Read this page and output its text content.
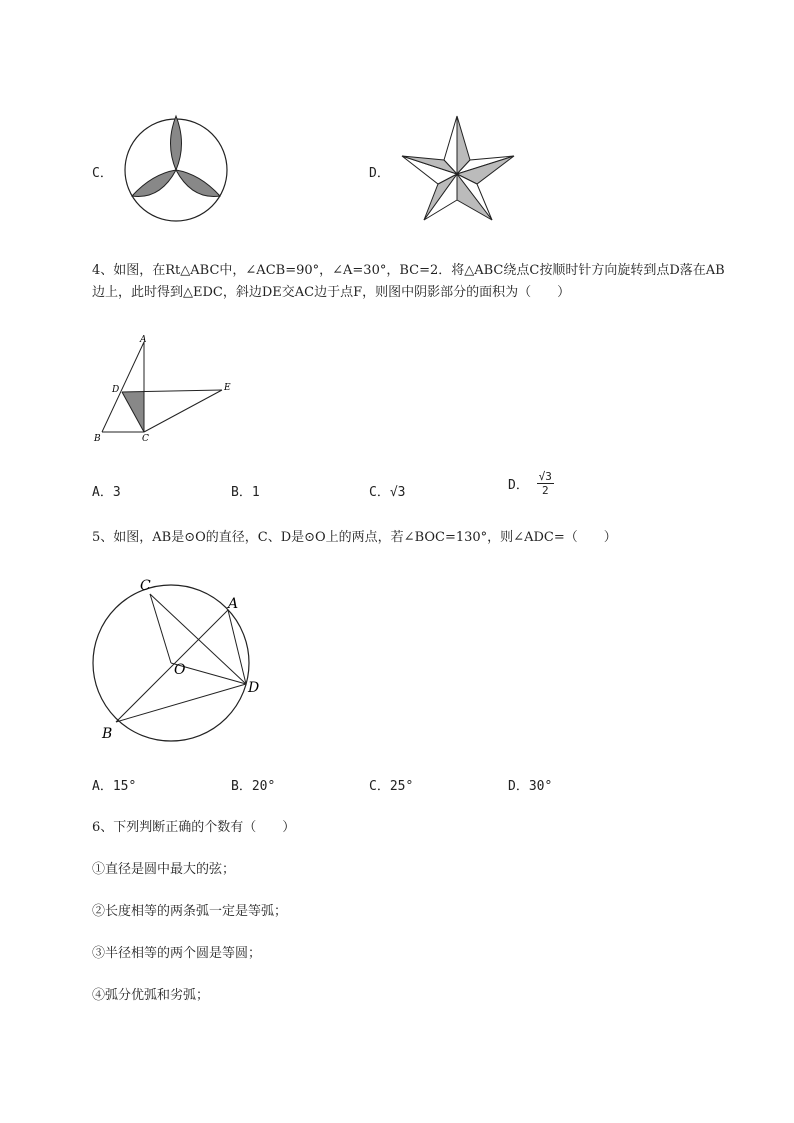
C．	D．
4、如图，在Rt△ABC中，∠ACB=90°，∠A=30°，BC=2．将△ABC绕点C按顺时针方向旋转到点D落在AB边上，此时得到△EDC，斜边DE交AC边于点F，则图中阴影部分的面积为（　　）
A
D	E
B	C
A．3	B．1	C．√3	D． $\frac{√3}{2}$
5、如图，AB是⊙O的直径，C、D是⊙O上的两点，若∠BOC=130°，则∠ADC=（　　）
C
A
O
D
B
A．15°	B．20°	C．25°	D．30°
6、下列判断正确的个数有（　　）
①直径是圆中最大的弦；
②长度相等的两条弧一定是等弧；
③半径相等的两个圆是等圆；
④弧分优弧和劣弧；
